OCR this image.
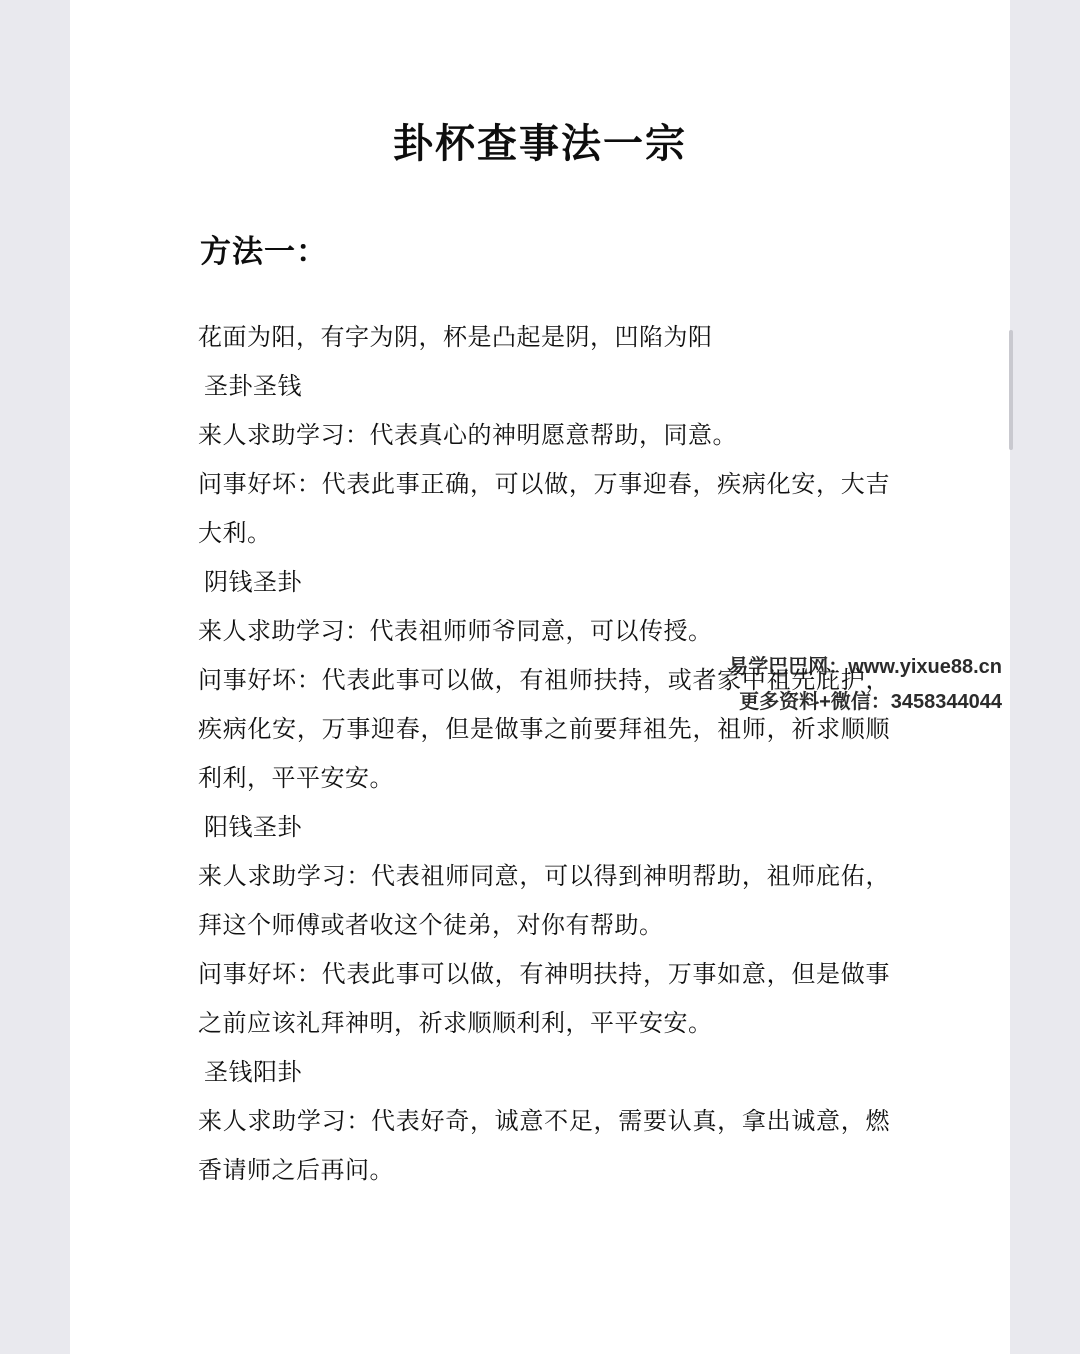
卦杯查事法一宗
方法一：

花面为阳，有字为阴，杯是凸起是阴，凹陷为阳

圣卦圣钱

来人求助学习：代表真心的神明愿意帮助，同意。

问事好坏：代表此事正确，可以做，万事迎春，疾病化安，大吉大利。

阴钱圣卦

来人求助学习：代表祖师师爷同意，可以传授。

问事好坏：代表此事可以做，有祖师扶持，或者家中祖先庇护，疾病化安，万事迎春，但是做事之前要拜祖先，祖师，祈求顺顺利利，平平安安。

阳钱圣卦

来人求助学习：代表祖师同意，可以得到神明帮助，祖师庇佑，拜这个师傅或者收这个徒弟，对你有帮助。

问事好坏：代表此事可以做，有神明扶持，万事如意，但是做事之前应该礼拜神明，祈求顺顺利利，平平安安。

圣钱阳卦

来人求助学习：代表好奇，诚意不足，需要认真，拿出诚意，燃香请师之后再问。

易学巴巴网：www.yixue88.cn
更多资料+微信：3458344044
